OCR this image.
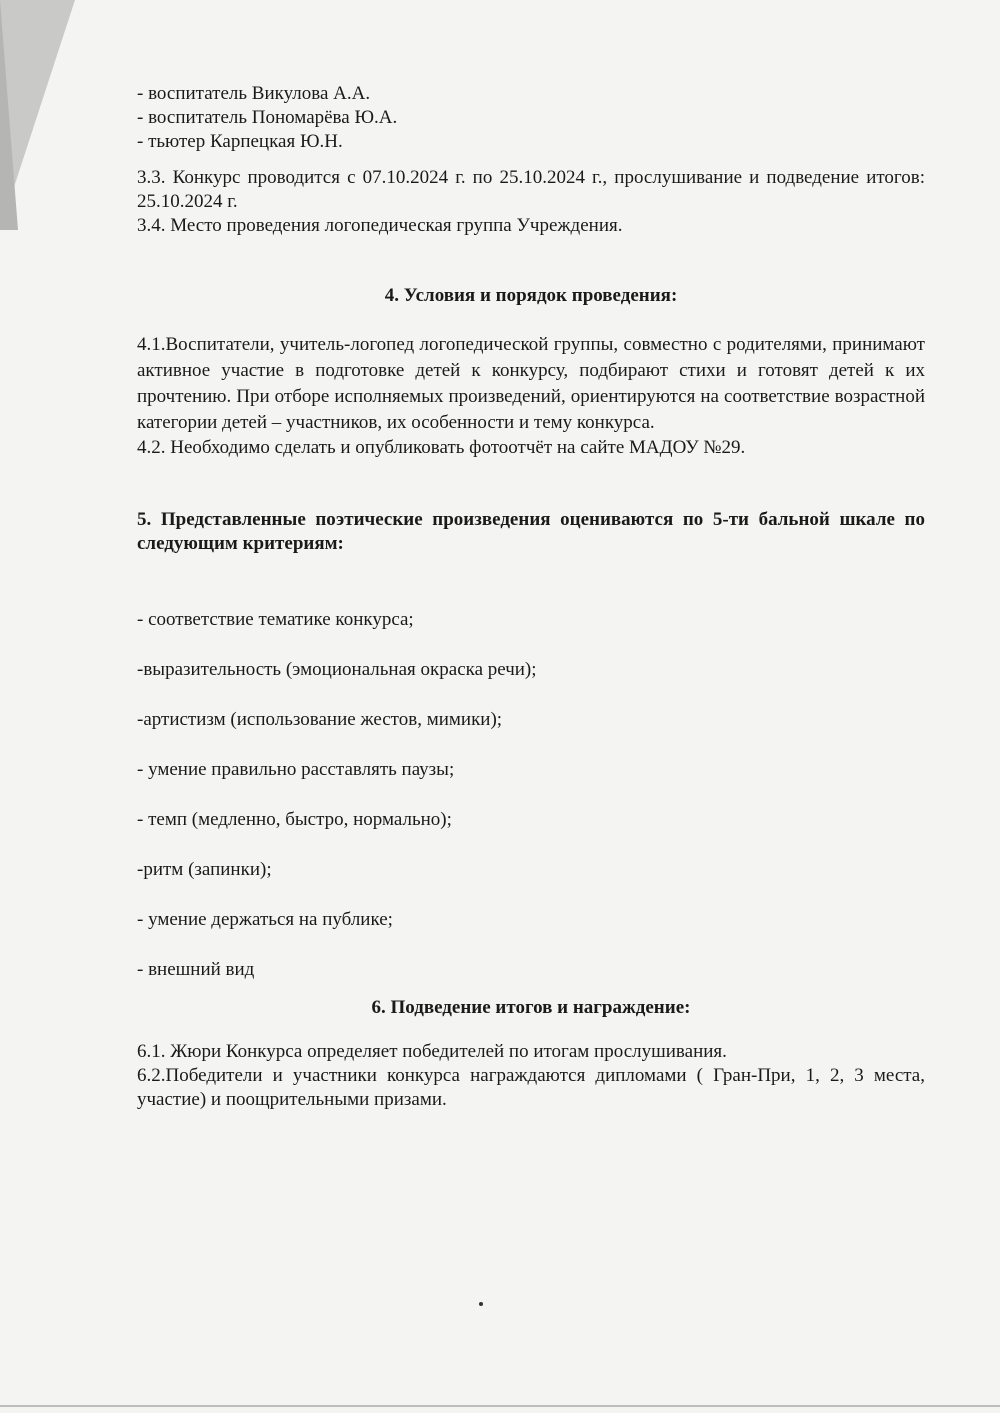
- воспитатель Викулова А.А.
- воспитатель Пономарёва Ю.А.
- тьютер Карпецкая Ю.Н.

3.3. Конкурс проводится с 07.10.2024 г. по 25.10.2024 г., прослушивание и подведение итогов: 25.10.2024 г.

3.4. Место проведения логопедическая группа Учреждения.

4. Условия и порядок проведения:

4.1.Воспитатели, учитель-логопед логопедической группы, совместно с родителями, принимают активное участие в подготовке детей к конкурсу, подбирают стихи и готовят детей к их прочтению. При отборе исполняемых произведений, ориентируются на соответствие возрастной категории детей – участников, их особенности и тему конкурса.

4.2. Необходимо сделать и опубликовать фотоотчёт на сайте МАДОУ №29.

5. Представленные поэтические произведения оцениваются по 5-ти бальной шкале по следующим критериям:

- соответствие тематике конкурса;

-выразительность (эмоциональная окраска речи);

-артистизм (использование жестов, мимики);

- умение правильно расставлять паузы;

- темп (медленно, быстро, нормально);

-ритм (запинки);

- умение держаться на публике;

- внешний вид

6. Подведение итогов и награждение:

6.1. Жюри Конкурса определяет победителей по итогам прослушивания.

6.2.Победители и участники конкурса награждаются дипломами ( Гран-При, 1, 2, 3 места, участие) и поощрительными призами.
